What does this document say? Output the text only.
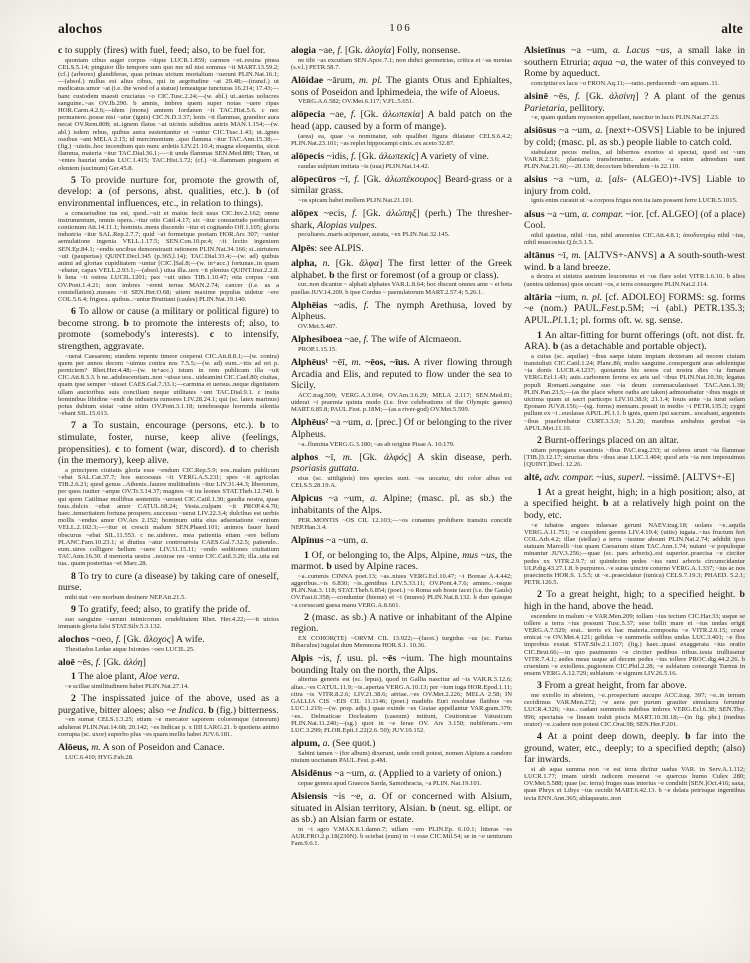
alochos	106	alte

c to supply (fires) with fuel, feed; also, to be fuel for.

quoniam cibus auget corpus ~itque LUCR.1.859; carmen ~et..resina pinea CELS.5.14; pinguior illo tempore sum quo me nil nisi somnus ~it MART.13.59.2; (cf.) (arbores) glandiferas, quas primas uictum mortalium ~uerunt PLIN.Nat.16.1;—(absol.) nullus est alius cibus, qui in aegritudine ~at 29.48;—(transf.) ut medicatus umor ~at (i.e. the wood of a statue) temeatque iuncturas 16.214; 17.43;—hanc custodem maesti cruciatus ~o CIC.Tusc.2.24;—(w. abl.) ut..aerias uolucres sanguine..~as OV.Ib.290. b amnis, imbres quem super notas ~uere ripas HOR.Carm.4.2.6;—idem (mons) amnem Iordanen ~it TAC.Hist.5.6. c nec permanere..posse nisi ~atur (ignis) CIC.N.D.3.37; lenis ~it flammas, grandior aura necat OV.Rem.808; ut..ignem flatus ~at uicinis subditus astris MAN.1.154;—(w. abl.) isdem rebus, quibus astra sustentantur et ~untur CIC.Tusc.1.43; ut..ignes ossibus ~ant MELA 2.15; id mercimonium ..quo flamma ~itur TAC.Ann.15.38;—(fig.) ~uistis..hoc incendium quo nunc ardetis LIV.21.10.4; magna eloquentia, sicut flamma, materia ~itur TAC.Dial.36.1;—~it unda flammas SEN.Med.889; Titan, ut ~entes hauriat undas LUC.1.415; TAC.Hist.3.72; (cf.) ~it..flammam pinguem et olentem (sucinum) Ger.45.8.

5 To provide nurture for, promote the growth of, develop: a (of persons, abst. qualities, etc.). b (of environmental influences, etc., in relation to things).

a consuetudine ius est, quod..~uit et maius fecit usus CIC.Inv.2.162; omne instrumentum, omnis opera..~itur otio Catil.4.17; sic ~itur consuetudo perditarum contionum Att.14.11.1; hominis..mens discendo ~itur et cogitando Off.1.105; gloria industria ~itur SAL.Rep.2.7.7; quid ~at formetque poetam HOR.Ars 307; ~untur aemulatione ingenia VELL.1.17.5; SEN.Con.10.pr.4; ~it lectio ingenium SEN.Ep.84.1; ~endis uocibus demonstrauit rationem PLIN.Nat.34.166; si..uirtutem ~uit (paupertas) QUINT.Decl.345 (p.365,l.14); TAC.Dial.33.4;—(w. ad) quibus animi ad gloriae cupiditatem ~untur [CIC.]Sal.8;—(w. in+acc.) fortunae..in quam ~ebatur, capax VELL.2.93.1;—(absol.) uiua illa..uox ~it plenius QUINT.Inst.2.2.8. b luna ~it ostrea LUCIL.1201; pax ~uit uites TIB.1.10.47; otia corpus ~unt OV.Pont.1.4.21; non imbres ~erent terras MAN.2.74; cancer (i.e. as a constellation)..messes ~it SEN.Her.O.68; uitem maxime populus uidetur ~ere COL.5.6.4; frigora.. quibus..~untur Bruttiani (caules) PLIN.Nat.19.140.

6 To allow or cause (a military or political figure) to become strong. b to promote the interests of; also, to promote (somebody's interests). c to intensify, strengthen, aggravate.

~uerat Caesarem; eundem repente timere coeperat CIC.Att.8.8.1;—(w. contra) quem per annos decem ~uimus contra nos 7.5.5;—(w. ad) eum..~itis ad rei p. perniciem? Rhet.Her.4.48;—(w. in+acc.) istum in rem publicam illa ~uit CIC.Att.8.3.3. b ne..adulescentiam..non ~uisse uos.. uideamini CIC.Cael.80; ciuitas, quam ipse semper ~uisset CAES.Gal.7.33.1;—carmina et uersus..neque dignitatem ullam auctoribus suis conciliant neque utilitates ~unt TAC.Dial.9.1. c insita hominibus libidine ~endi de industria rumores LIV.28.24.1; qui (sc. latex marinus) potus dubium sistat ~atne sitim OV.Pont.3.1.18; tenebrasque horrenda silentia ~ebant SIL.15.613.

7 a To sustain, encourage (persons, etc.). b to stimulate, foster, nurse, keep alive (feelings, propensities). c to foment (war, discord). d to cherish (in the memory), keep alive.

a principem ciuitatis gloria esse ~endum CIC.Rep.5.9; eos..malum publicum ~ebat SAL.Cat.37.7; hos successus ~it VERG.A.5.231; spes ~it agricolas TIB.2.6.21; quod genus ..Athenis..fauore multitudinis ~itur LIV.31.44.3; liberorum, per quos iuuiter ~arque OV.Tr.3.14.37; magnos ~it ira leones STAT.Theb.12.740. b qui spem Catilinae mollibus sententiis ~uerant CIC.Catil.1.30; gaudia nostra, quae tuus..dulcis ~ebat amor CATUL.68.24; Vesta..culpam ~it PROP.4.4.70; haec..temeritatem fortuna prospero..successu ~uerat LIV.22.3.4; dulcibus est uerbis mollis ~endus amor OV.Ars 2.152; hominum uitia eius adsentatione ~entium VELL.2.102.3;—~itur et crescit malum SEN.Phaed.101; animos fauor haud obscurus ~ebat SIL.11.553. c ne..uiderer.. mea patientia etiam ~ere bellum PLANC.Fam.10.23.1; si diutius ~atur controuersia CAES.Gal.7.32.5; patiendo.. eum..uires colligere bellum ~uere LIV.31.15.11; ~endo seditiones ciuitatium TAC.Ann.16.30. d memoria uestra ..nostrae res ~entur CIC.Catil.3.26; illa..uita est tua.. quam posteritas ~et Marc.28.

8 To try to cure (a disease) by taking care of oneself, nurse.

mihi stat ~ere morbum desinere NEP.Att.21.5.

9 To gratify, feed; also, to gratify the pride of.

suo sanguine ~uerunt inimicorum crudelitatem Rhet. Her.4.22;—~it uictos immanis gloria falsi STAT.Silv.5.3.132.

alochos ~oeo, f. [Gk. ἄλοχος] A wife.

Thestiados Ledae atque Ixionies ~oeo LUCIL.25.

aloē ~ēs, f. [Gk. ἀλόη]

1 The aloe plant, Aloe vera.

~e scillae similitudinem habet PLIN.Nat.27.14.

2 The inspissated juice of the above, used as a purgative, bitter aloes; also ~e Indica. b (fig.) bitterness.

~en sumat CELS.1.3.25; etiam ~e mercator saporem coloremque (uinorum) adulterat PLIN.Nat.14.68; 20.142; ~es Indicae p. x IIII LARG.21. b quotiens animo corrupta (sc. uxor) superbo plus ~es quam mellis habet JUV.6.181.

Alōeus, m. A son of Poseidon and Canace.

LUC.6.410; HYG.Fab.28.

alogia ~ae, f. [Gk. ἀλογία] Folly, nonsense.

ne tibi ~as excutiam SEN.Apoc.7.1; non didici geometrias, critica et ~as menias (s.v.l.) PETR.58.7.

Alōidae ~ārum, m. pl. The giants Otus and Ephialtes, sons of Poseidon and Iphimedeia, the wife of Aloeus.

VERG.A.6.582; OV.Met.6.117; V.FL.5.651.

alōpecia ~ae, f. [Gk. ἀλωπεκία] A bald patch on the head (app. caused by a form of mange).

(area) ea, quae ~a nominatur, sub qualibet figura dilatatur CELS.6.4.2; PLIN.Nat.23.101; ~as replet hippocampi cinis..ex aceto 32.87.

alōpecis ~idis, f. [Gk. ἀλωπεκίς] A variety of vine.

caudas uulpium imitata ~is (uua) PLIN.Nat.14.42.

alōpecūros ~ī, f. [Gk. ἀλωπέκουρος] Beard-grass or a similar grass.

~os spicam habet mollem PLIN.Nat.21.101.

alōpex ~ecis, f. [Gk. ἀλώπηξ] (perh.) The thresher-shark, Alopias vulpes.

peculiares..maris acipenser, aurata, ~ex PLIN.Nat.32.145.

Alpēs: see ALPIS.

alpha, n. [Gk. ἄλφα] The first letter of the Greek alphabet. b the first or foremost (of a group or class).

cur..non dicantur ~ alphati alphates VAR.L.8.64; hoc discunt omnes ante ~ et beta puellas JUV.14.209. b ipse Cordus ~ paenulatorum MART.2.57.4; 5.26.1.

Alphēias ~adis, f. The nymph Arethusa, loved by Alpheus.

OV.Met.5.487.

Alphesiboea ~ae, f. The wife of Alcmaeon.

PROP.1.15.15.

Alphēus¹ ~ēī, m. ~ēos, ~īus. A river flowing through Arcadia and Elis, and reputed to flow under the sea to Sicily.

ACC.trag.509; VERG.A.3.694; OV.Am.3.6.29; MELA 2.117; SEN.Med.81; uiderat ~i praemia quinta modo (i.e. five celebrations of the Olympic games) MART.6.85.8; PAUL.Fest. p.18M;—(as a river-god) OV.Met.5.599.

Alphēus² ~a ~um, a. [prec.] Of or belonging to the river Alpheus.

~a..flumina VERG.G.3.180; ~as ab origine Pisae A. 10.179.

alphos ~ī, m. [Gk. ἀλφός] A skin disease, perh. psoriasis guttata.

eius (sc. uitiliginis) tres species sunt. ~os uocatur, ubi color albus est CELS.5.28.19.A.

Alpicus ~a ~um, a. Alpine; (masc. pl. as sb.) the inhabitants of the Alps.

PER..MONTIS ~OS CIL 12.103;—~os conantes prohibere transitu concidit NEP.Han.3.4.

Alpīnus ~a ~um, a.

1 Of, or belonging to, the Alps, Alpine, mus ~us, the marmot. b used by Alpine races.

~a..cummis CINNA poet.13; ~as..niues VERG.Ecl.10.47; ~i Boreae A.4.442; aggeribus..~is 6.830; ~is..gentibus LIV.5.33.11; OV.Pont.4.7.6; amnes..~osque PLIN.Nat.3. 118; STAT.Theb.6.854; (poet.) ~o Roma sub hoste iacet (i.e. the Gauls) OV.Fast.6.358;—conduntur (hieme) et ~i (mures) PLIN.Nat.8.132. b duo quisque ~a coruscant gaesa manu VERG.A.8.661.

2 (masc. as sb.) A native or inhabitant of the Alpine region.

EX COHOR(TE) ~ORVM CIL 13.922;—(facet.) turgidus ~us (sc. Furius Bibaculus) iugulat dum Memnona HOR.S.1. 10.36.

Alpis ~is, f. usu. pl. ~ēs ~ium. The high mountains bounding Italy on the north, the Alps.

alterius generis est (sc. lepus), quod in Gallia nascitur ad ~is VAR.R.3.12.6; altas..~es CATUL.11.9; ~is..apertas VERG.A.10.13; per ~ium iuga HOR.Epod.1.11; citra ~is VITR.8.2.6; LIV.21.38.6; aëriae..~es OV.Met.2.226; MELA 2.58; IN GALLIA CIS ~EIS CIL 11.1146; (poet.) madidis Euri resolutae flatibus ~es LUC.1.219;—(w. prop. adjs.) quae exinde ~es Graiae appellantur VAR.gram.379; ~es.. Delmaticae Docleatem (caseum) mittunt, Ceutronicae Vatusicum PLIN.Nat.11.240;—(sg.) quot in ~e ferae OV. Ars 3.150; nubiferam..~em LUC.3.299; FLOR.Epit.1.22(2.6. 50); JUV.10.152.

alpum, a. (See quot.)

Sabini tamen ~ (for album) dixerunt, unde credi potest, nomen Alpium a candore niuium uocitatum PAUL.Fest. p.4M.

Alsidēnus ~a ~um, a. (Applied to a variety of onion.)

cepae genera apud Graecos Sarda, Samothracia, ~a PLIN. Nat.19.101.

Alsiensis ~is ~e, a. Of or concerned with Alsium, situated in Alsian territory, Alsian. b (neut. sg. ellipt. or as sb.) an Alsian farm or estate.

in ~i agro V.MAX.8.1.damn.7; uillam ~em PLIN.Ep. 6.10.1; litteras ~es AUR.FRO.2.p.18(230N). b sciebat (eum) in ~i esse CIC.Mil.54; se in ~e uenturum Fam.9.6.1.

Alsietīnus ~a ~um, a. Lacus ~us, a small lake in southern Etruria; aqua ~a, the water of this conveyed to Rome by aqueduct.

concipitur ex lacu ~o FRON.Aq.11;—ratio..perducendi ~am aquam..11.

alsinē ~ēs, f. [Gk. ἀλσίνη] ? A plant of the genus Parietaria, pellitory.

~e, quam quidam myosoton appellant, nascitur in lucis PLIN.Nat.27.23.

alsiōsus ~a ~um, a. [next+-OSVS] Liable to be injured by cold; (masc. pl. as sb.) people liable to catch cold.

stabulatur pecus melius, ad hibernos exortos si spectat, quod est ~um VAR.R.2.3.6; plantaria transferuntur.. aestate. ~a enim admodum sunt PLIN.Nat.21.60;—20.138; decoctum bibendum ~is 22.110.

alsius ~a ~um, a. [als- (ALGEO)+-IVS] Liable to injury from cold.

ignis enim curauit ut ~a corpora frigus non ita iam possent ferre LUCR.5.1015.

alsus ~a ~um, a. compar. ~ior. [cf. ALGEO] (of a place) Cool.

nihil quietius, nihil ~ius, nihil amoenius CIC.Att.4.8.1; ἀποδυτηρίῳ nihil ~ius, nihil muscosius Q.fr.3.1.5.

altānus ~ī, m. [ALTVS+-ANVS] a A south-south-west wind. b a land breeze.

a dextra et sinistra austrum leuconotus et ~us flare solet VITR.1.6.10. b alios (uentos uidemus) quos uocant ~os, e terra consurgere PLIN.Nat.2.114.

altāria ~ium, n. pl. [cf. ADOLEO] FORMS: sg. forms ~e (nom.) PAUL.Fest.p.5M; ~i (abl.) PETR.135.3; APUL.Pl.1.1; pl. forms oft. w. sg. sense.

1 An altar-fitting for burnt offerings (oft. not dist. fr. ARA). b (as a detachable and portable object).

a cuius (sc. aquilae) ~ibus saepe istam impiam dexteram ad necem ciuium transtulisti CIC.Catil.1.24; Planc.86; multo sanguine..conspergunt aras adolentque ~ia donis LUCR.4.1237; quotannis bis senos cui nostra dies ~ia fumant VERG.Ecl.1.43; auis..carbonem ferens ex aris uel ~ibus PLIN.Nat.10.36; legatus populi Romani..sanguine suo ~ia deum commaculauisset TAC.Ann.1.39; PLIN.Pan.23.5;—(as the place where oaths are taken) admouebatur ~ibus magis ut uictima quam ut sacri particeps LIV.10.38.9; 21.1.4; Iouis ante ~ia iurat solam Eponam JUV.8.156;—(sg. forms) mensam..posuit in medio ~i PETR.135.3; cygni pullum ex ~i ..euolasse APUL.Pl.1.1. b ignis, quem ipsi sacrum.. uocabant, argenteis ~ibus praeferebatur CURT.3.3.9; 5.1.20; manibus ambabus gerebat ~ia APUL.Met.11.10.

2 Burnt-offerings placed on an altar.

uitam propagans exanimis ~ibus PAC.trag.233; ut celeres urunt ~ia flammae [TIB.]3.12.17; structae diris ~ibus arae LUC.3.404; quod aris ~ia non imposuimus [QUINT.]Decl. 12.26.

altē, adv. compar. ~ius, superl. ~issimē. [ALTVS+-E]

1 At a great height, high; in a high position; also, at a specified height. b at a relatively high point on the body, etc.

~e iubatos angues inlaesae gerunt NAEV.trag.18; uolans ~e..aquila VERG.A.11.751; ~e cuspidem gerens LIV.4.19.4; (uitis) iugata..~ius fructum fert COL.Arb.4.2; illae (stellae) a terra ~issime absunt PLIN.Nat.2.74; addidit ipso statuam Marcelli ~ius quam Caesarum sitam TAC.Ann.1.74; nutant ~e populoque minantur JUV.3.256;—quae (sc. pars arboris)..est superior..praecisa ~e circiter pedes xx VITR.2.9.7; ut quindecim pedes ~ius rami arboris circumcidantur ULP.dig.43.27.1.8. b purpureo..~e suras uincire coturno VERG.A.1.337; ~ius ac nos praecinctis HOR.S. 1.5.5; ut ~e..praecidatur (tunica) CELS.7.19.3; PHAED. 5.2.1; PETR.126.5.

2 To a great height, high; to a specified height. b high in the hand, above the head.

escendere in malum ~e VAR.Men.209; tollam ~ius tectum CIC.Har.33; usque se tollere a terra ~ius possunt Tusc.5.37; sese tollit mare et ~ius undas erigit VERG.A.7.529; erat.. terris ex hac materia..composita ~e VITR.2.9.15; cruor emicat ~e OV.Met.4.121; gelidas ~e summotis solibus undas LUC.3.401; ~e flos improbus exstat STAT.Silv.2.1.107; (fig.) haec..quasi exaggerata ~ius oratio CIC.Brut.66;—in quo pauimento ~e circiter pedibus tribus..testa trullissetur VITR.7.4.1; aedes meas usque ad decem pedes ~ius tollere PROC.dig.44.2.26. b cruentum ~e extollens..pugionem CIC.Phil.2.28; ~e sublatum consurgit Turnus in ensem VERG.A.12.729; sublatum ~e signum LIV.26.5.16.

3 From a great height, from far above.

me extollo in abietem, ~e..prospectum aucupo ACC.trag. 397; ~e..in terram cecidimus VAR.Men.272; ~e aera per purum grauiter simulacra feruntur LUCR.4.326; ~ius.. cadant summotis nubibus imbres VERG.Ecl.6.38; SEN.Thy. 996; spectatus ~e lineam trahit piscis MART.10.30.18;—(in fig. phr.) (medius orator) ~e..cadere non potest CIC.Orat.98; SEN.Her.F.201.

4 At a point deep down, deeply. b far into the ground, water, etc., deeply; to a specified depth; (also) far inwards.

si ab aqua summa non ~e est terra dicitur uadus VAR. in Serv.A.1.112; LUCR.1.77; imam uiridi radicem mouerat ~e quercus humo Culex 280; OV.Met.5.588; quae (sc. terra) fruges suas interius ~e condidit [SEN.]Oct.416; saxa, quae Phryx et Libys ~ius cecidit MART.6.42.13. b ~e delata petrisque ingentibus tecta ENN.Ann.365; ablaqueato..non
